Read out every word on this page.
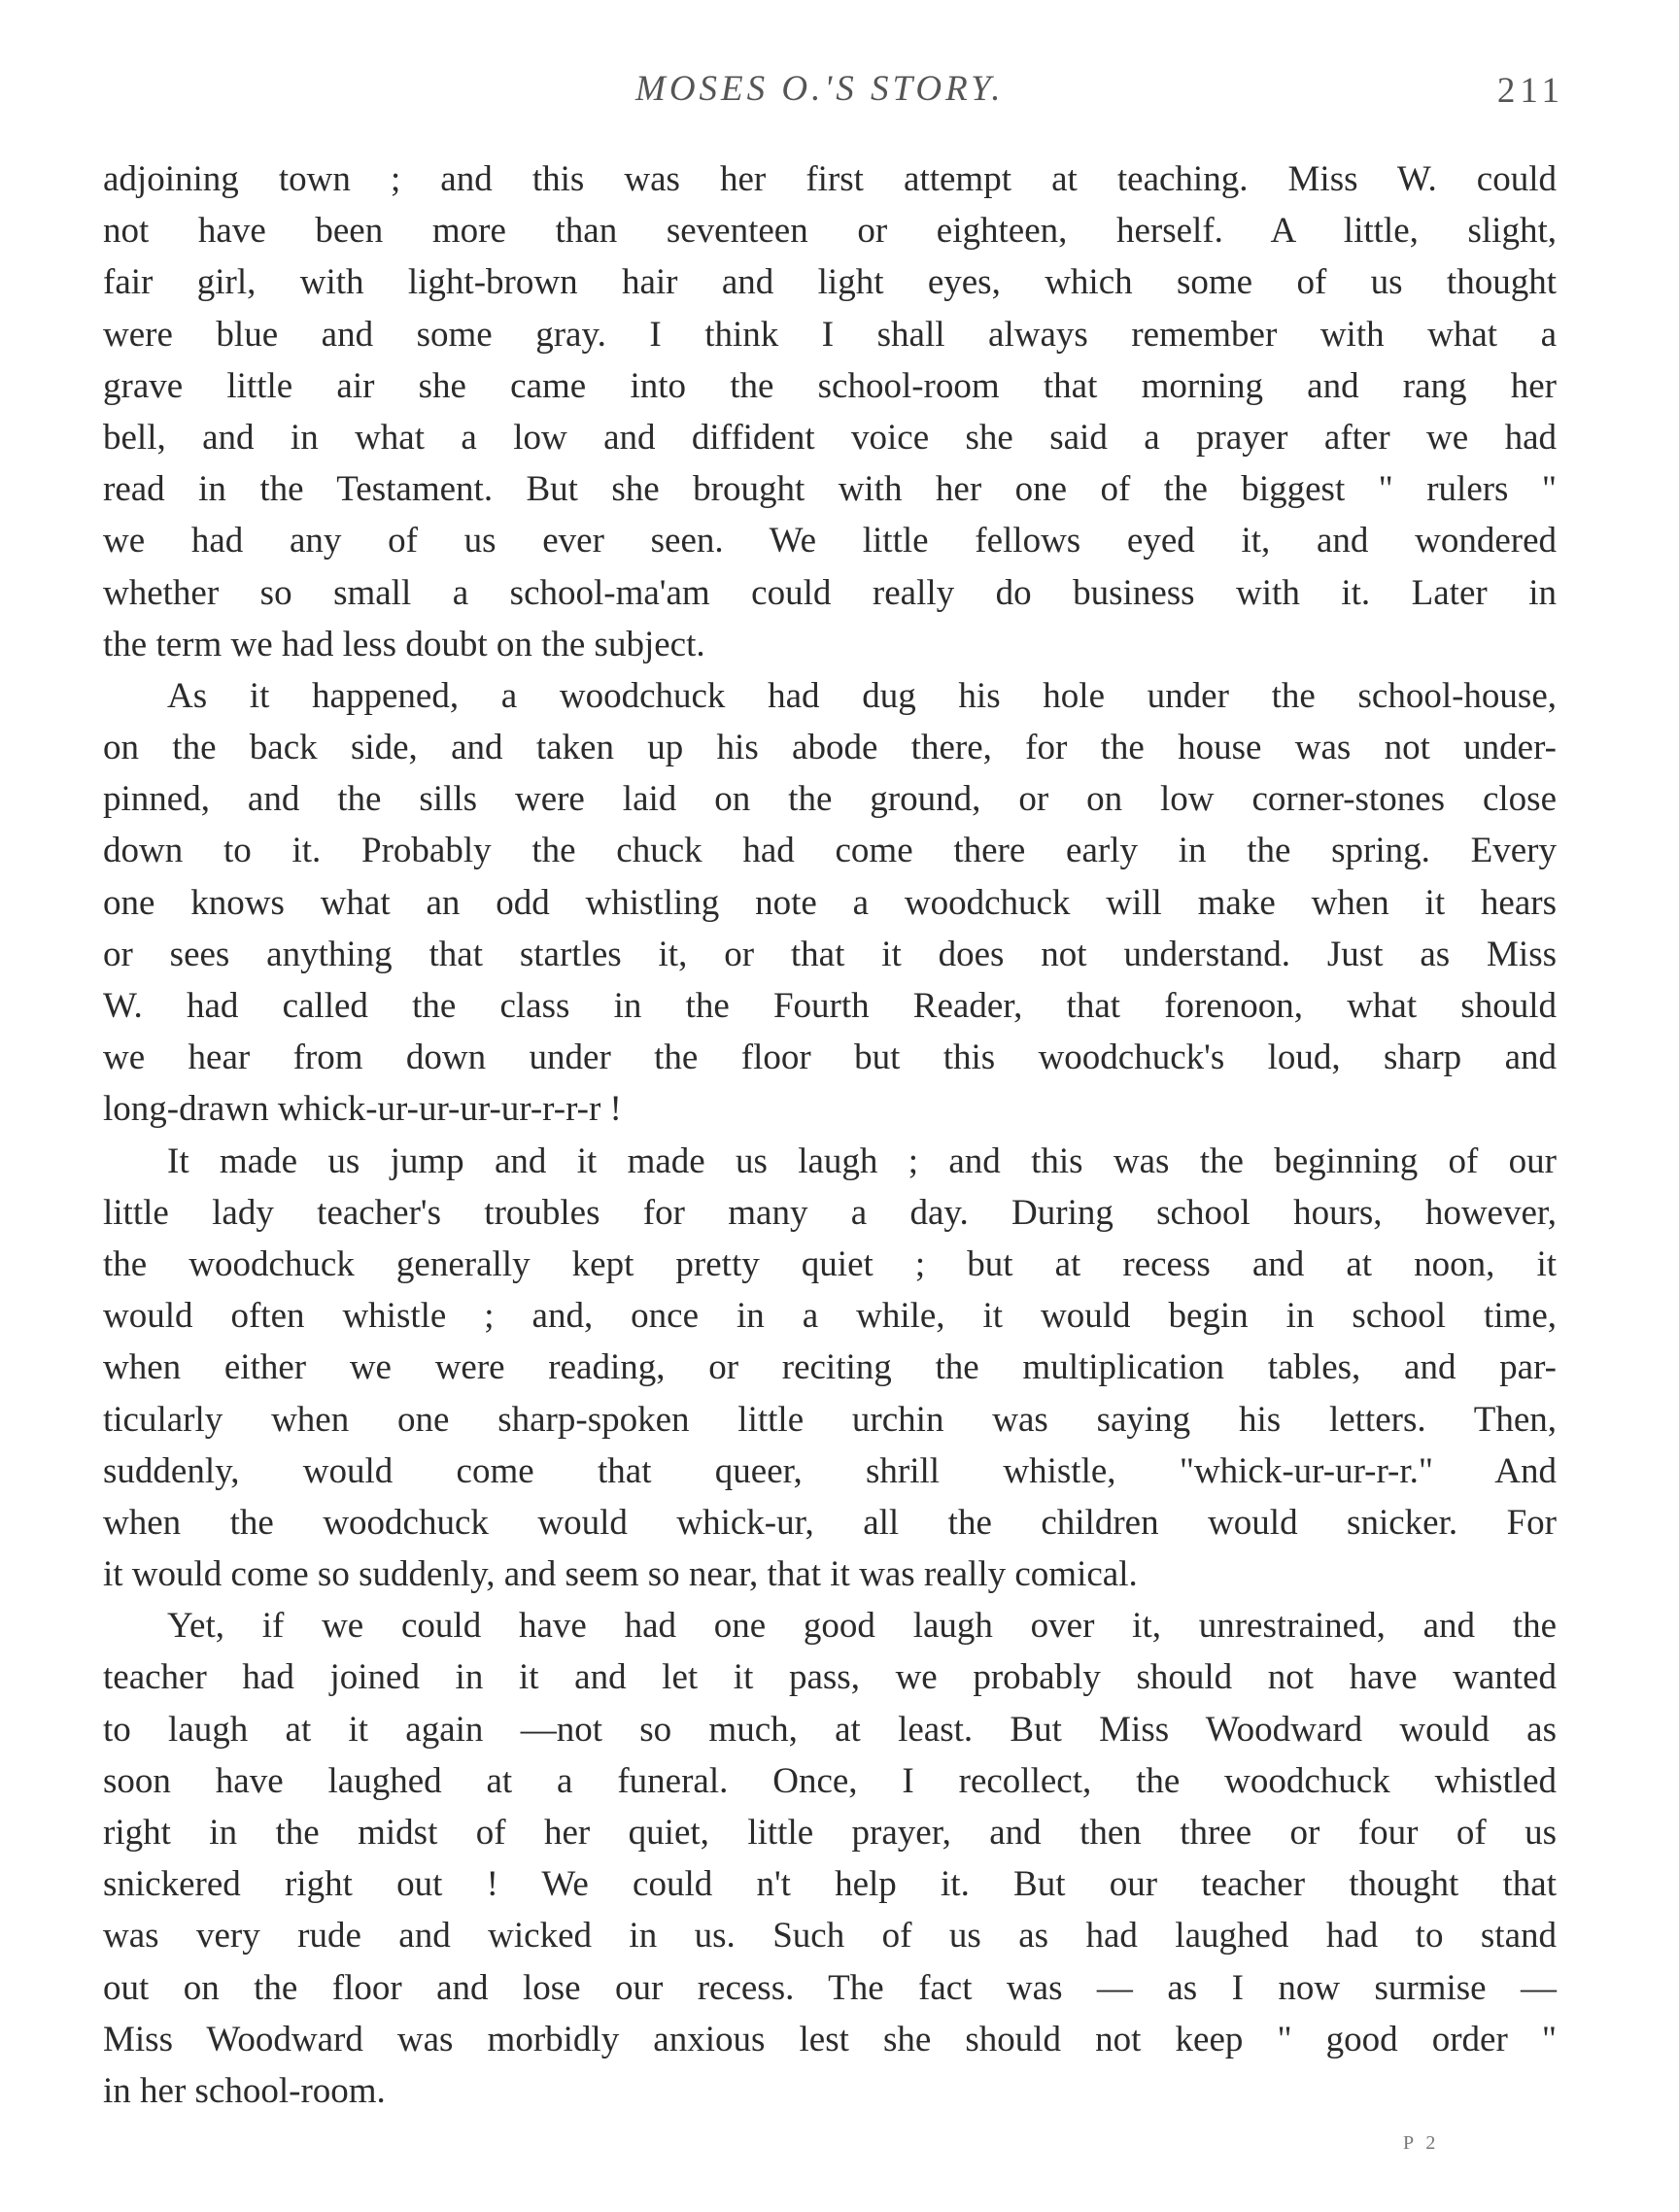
MOSES O.'S STORY.	211
adjoining town ; and this was her first attempt at teaching. Miss W. could
not have been more than seventeen or eighteen, herself. A little, slight,
fair girl, with light-brown hair and light eyes, which some of us thought
were blue and some gray. I think I shall always remember with what a
grave little air she came into the school-room that morning and rang her
bell, and in what a low and diffident voice she said a prayer after we had
read in the Testament. But she brought with her one of the biggest " rulers "
we had any of us ever seen. We little fellows eyed it, and wondered
whether so small a school-ma'am could really do business with it. Later in
the term we had less doubt on the subject.
As it happened, a woodchuck had dug his hole under the school-house,
on the back side, and taken up his abode there, for the house was not under-
pinned, and the sills were laid on the ground, or on low corner-stones close
down to it. Probably the chuck had come there early in the spring. Every
one knows what an odd whistling note a woodchuck will make when it hears
or sees anything that startles it, or that it does not understand. Just as Miss
W. had called the class in the Fourth Reader, that forenoon, what should
we hear from down under the floor but this woodchuck's loud, sharp and
long-drawn whick-ur-ur-ur-ur-r-r-r !
It made us jump and it made us laugh ; and this was the beginning of our
little lady teacher's troubles for many a day. During school hours, however,
the woodchuck generally kept pretty quiet ; but at recess and at noon, it
would often whistle ; and, once in a while, it would begin in school time,
when either we were reading, or reciting the multiplication tables, and par-
ticularly when one sharp-spoken little urchin was saying his letters. Then,
suddenly, would come that queer, shrill whistle, "whick-ur-ur-r-r." And
when the woodchuck would whick-ur, all the children would snicker. For
it would come so suddenly, and seem so near, that it was really comical.
Yet, if we could have had one good laugh over it, unrestrained, and the
teacher had joined in it and let it pass, we probably should not have wanted
to laugh at it again —not so much, at least. But Miss Woodward would as
soon have laughed at a funeral. Once, I recollect, the woodchuck whistled
right in the midst of her quiet, little prayer, and then three or four of us
snickered right out ! We could n't help it. But our teacher thought that
was very rude and wicked in us. Such of us as had laughed had to stand
out on the floor and lose our recess. The fact was — as I now surmise —
Miss Woodward was morbidly anxious lest she should not keep " good order "
in her school-room.
P 2
